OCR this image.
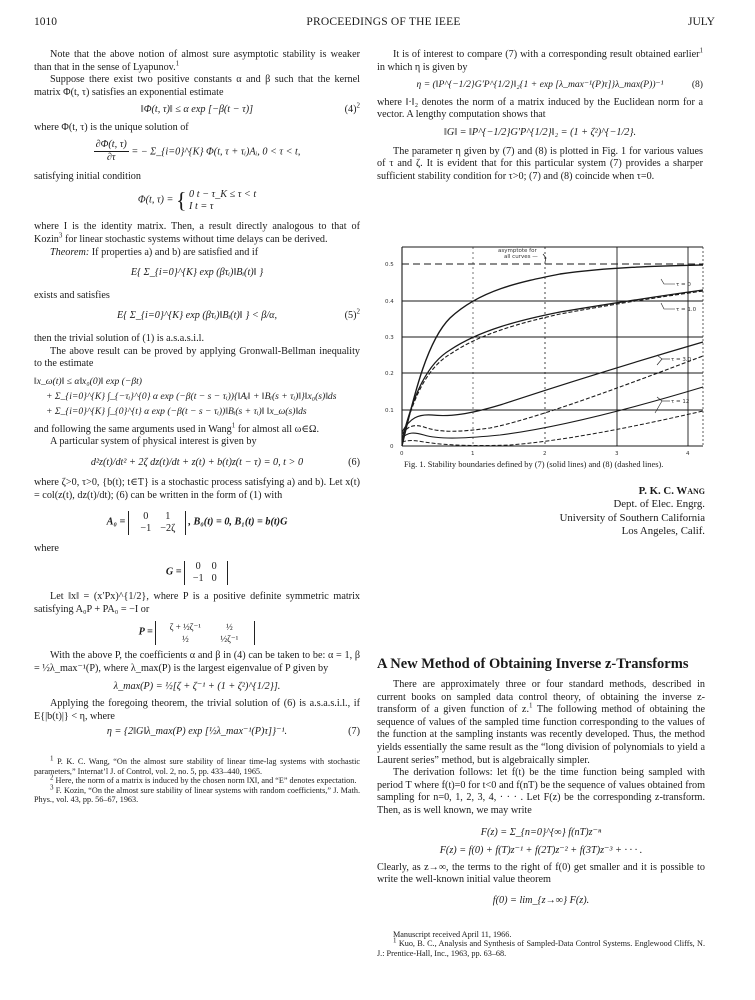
1010	PROCEEDINGS OF THE IEEE	JULY

Note that the above notion of almost sure asymptotic stability is weaker than that in the sense of Lyapunov.$^1$

Suppose there exist two positive constants α and β such that the kernel matrix Φ(t, τ) satisfies an exponential estimate

‖Φ(t, τ)‖ ≤ α exp [−β(t − τ)]	$(4)^2$

where Φ(t, τ) is the unique solution of

$\frac{\partial\Phi(t, \tau)}{\partial\tau}$ = − Σ_{i=0}^{K} Φ(t, τ + τᵢ)Aᵢ, 0 < τ < t,

satisfying initial condition

Φ(t, τ) = { 0 t − τ_K ≤ τ < t
I t = τ

where I is the identity matrix. Then, a result directly analogous to that of Kozin$^3$ for linear stochastic systems without time delays can be derived.

Theorem: If properties a) and b) are satisfied and if

E{ Σ_{i=0}^{K} exp (βτᵢ)‖Bᵢ(t)‖ }

exists and satisfies

E{ Σ_{i=0}^{K} exp (βτᵢ)‖Bᵢ(t)‖ } < β/α,	$(5)^2$

then the trivial solution of (1) is a.s.a.s.i.l.

The above result can be proved by applying Gronwall-Bellman inequality to the estimate

‖x_ω(t)‖ ≤ α‖x₀(0)‖ exp (−βt)
+ Σ_{i=0}^{K} ∫_{−τᵢ}^{0} α exp (−β(t − s − τᵢ)){‖Aᵢ‖ + ‖Bᵢ(s + τᵢ)‖}‖x₀(s)‖ds
+ Σ_{i=0}^{K} ∫_{0}^{t} α exp (−β(t − s − τᵢ))‖Bᵢ(s + τᵢ)‖ ‖x_ω(s)‖ds

and following the same arguments used in Wang$^1$ for almost all ω∈Ω.

A particular system of physical interest is given by

d²z(t)/dt² + 2ζ dz(t)/dt + z(t) + b(t)z(t − τ) = 0, t > 0	(6)

where ζ>0, τ>0, {b(t); t∈T} is a stochastic process satisfying a) and b). Let x(t) = col(z(t), dz(t)/dt); (6) can be written in the form of (1) with

A₀ = 0 1
−1 −2ζ , B₀(t) = 0, B₁(t) = b(t)G

where

G = 0 0
−1 0

Let ‖x‖ = (x′Px)^{1/2}, where P is a positive definite symmetric matrix satisfying A₀P + PA₀ = −I or

P = ζ + ½ζ⁻¹	½
½	½ζ⁻¹

With the above P, the coefficients α and β in (4) can be taken to be: α = 1, β = ½λ_max⁻¹(P), where λ_max(P) is the largest eigenvalue of P given by

λ_max(P) = ½[ζ + ζ⁻¹ + (1 + ζ²)^{1/2}].

Applying the foregoing theorem, the trivial solution of (6) is a.s.a.s.i.l., if E{|b(t)|} < η, where

η = {2‖G‖λ_max(P) exp [½λ_max⁻¹(P)τ]}⁻¹.	(7)

$^1$ P. K. C. Wang, “On the almost sure stability of linear time-lag systems with stochastic parameters,” Internat’l J. of Control, vol. 2, no. 5, pp. 433–440, 1965.

$^2$ Here, the norm of a matrix is induced by the chosen norm ‖X‖, and “E” denotes expectation.

$^3$ F. Kozin, “On the almost sure stability of linear systems with random coefficients,” J. Math. Phys., vol. 43, pp. 56–67, 1963.

It is of interest to compare (7) with a corresponding result obtained earlier$^1$ in which η is given by

η = (‖P^{−1/2}G′P^{1/2}‖₂{1 + exp [λ_max⁻¹(P)τ]}λ_max(P))⁻¹	(8)

where ‖·‖₂ denotes the norm of a matrix induced by the Euclidean norm for a vector. A lengthy computation shows that

‖G‖ = ‖P^{−1/2}G′P^{1/2}‖₂ = (1 + ζ²)^{−1/2}.

The parameter η given by (7) and (8) is plotted in Fig. 1 for various values of τ and ζ. It is evident that for this particular system (7) provides a sharper sufficient stability condition for τ>0; (7) and (8) coincide when τ=0.

asymptote for
all curves —
τ = 0
τ = 1.0
τ = 3.0
τ = 12
0.5
0.4
0.3
0.2
0.1
0
0	1	2	3	4
Fig. 1. Stability boundaries defined by (7) (solid lines) and (8) (dashed lines).
P. K. C. Wang
Dept. of Elec. Engrg.
University of Southern California
Los Angeles, Calif.
A New Method of Obtaining Inverse z-Transforms

There are approximately three or four standard methods, described in current books on sampled data control theory, of obtaining the inverse z-transform of a given function of z.$^1$ The following method of obtaining the sequence of values of the sampled time function corresponding to the values of the function at the sampling instants was recently developed. Thus, the method yields essentially the same result as the “long division of polynomials to yield a Laurent series” method, but is algebraically simpler.

The derivation follows: let f(t) be the time function being sampled with period T where f(t)=0 for t<0 and f(nT) be the sequence of values obtained from sampling for n=0, 1, 2, 3, 4, · · · . Let F(z) be the corresponding z-transform. Then, as is well known, we may write

F(z) = Σ_{n=0}^{∞} f(nT)z⁻ⁿ
F(z) = f(0) + f(T)z⁻¹ + f(2T)z⁻² + f(3T)z⁻³ + · · · .

Clearly, as z→∞, the terms to the right of f(0) get smaller and it is possible to write the well-known initial value theorem

f(0) = lim_{z→∞} F(z).

Manuscript received April 11, 1966.

$^1$ Kuo, B. C., Analysis and Synthesis of Sampled-Data Control Systems. Englewood Cliffs, N. J.: Prentice-Hall, Inc., 1963, pp. 63–68.
